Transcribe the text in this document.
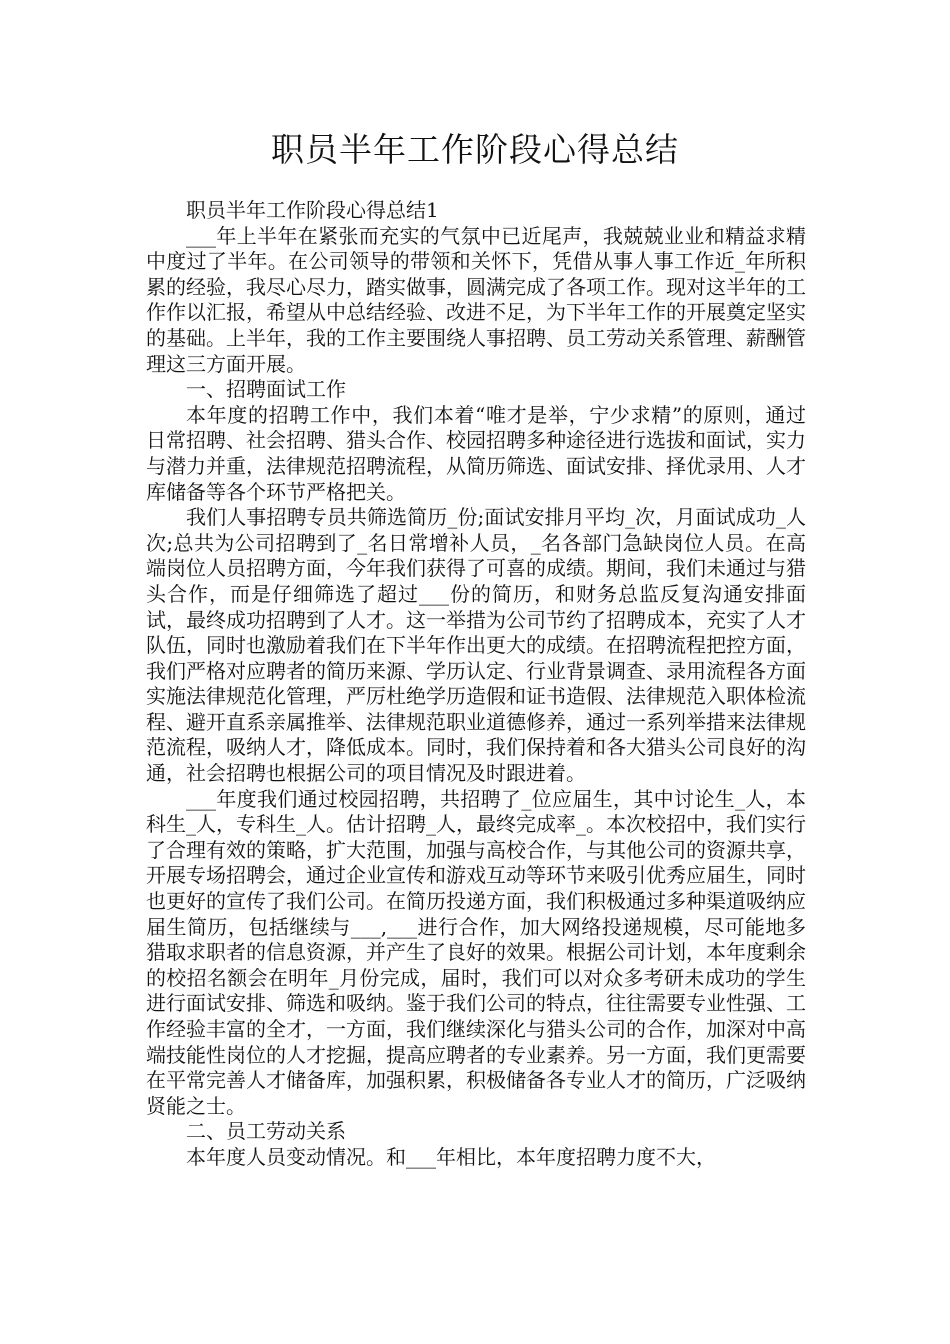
职员半年工作阶段心得总结

职员半年工作阶段心得总结1

___年上半年在紧张而充实的气氛中已近尾声，我兢兢业业和精益求精中度过了半年。在公司领导的带领和关怀下，凭借从事人事工作近_年所积累的经验，我尽心尽力，踏实做事，圆满完成了各项工作。现对这半年的工作作以汇报，希望从中总结经验、改进不足，为下半年工作的开展奠定坚实的基础。上半年，我的工作主要围绕人事招聘、员工劳动关系管理、薪酬管理这三方面开展。

一、招聘面试工作

本年度的招聘工作中，我们本着“唯才是举，宁少求精”的原则，通过日常招聘、社会招聘、猎头合作、校园招聘多种途径进行选拔和面试，实力与潜力并重，法律规范招聘流程，从简历筛选、面试安排、择优录用、人才库储备等各个环节严格把关。

我们人事招聘专员共筛选简历_份;面试安排月平均_次，月面试成功_人次;总共为公司招聘到了_名日常增补人员，_名各部门急缺岗位人员。在高端岗位人员招聘方面，今年我们获得了可喜的成绩。期间，我们未通过与猎头合作，而是仔细筛选了超过___份的简历，和财务总监反复沟通安排面试，最终成功招聘到了人才。这一举措为公司节约了招聘成本，充实了人才队伍，同时也激励着我们在下半年作出更大的成绩。在招聘流程把控方面，我们严格对应聘者的简历来源、学历认定、行业背景调查、录用流程各方面实施法律规范化管理，严厉杜绝学历造假和证书造假、法律规范入职体检流程、避开直系亲属推举、法律规范职业道德修养，通过一系列举措来法律规范流程，吸纳人才，降低成本。同时，我们保持着和各大猎头公司良好的沟通，社会招聘也根据公司的项目情况及时跟进着。

___年度我们通过校园招聘，共招聘了_位应届生，其中讨论生_人，本科生_人，专科生_人。估计招聘_人，最终完成率_。本次校招中，我们实行了合理有效的策略，扩大范围，加强与高校合作，与其他公司的资源共享，开展专场招聘会，通过企业宣传和游戏互动等环节来吸引优秀应届生，同时也更好的宣传了我们公司。在简历投递方面，我们积极通过多种渠道吸纳应届生简历，包括继续与___,___进行合作，加大网络投递规模，尽可能地多猎取求职者的信息资源，并产生了良好的效果。根据公司计划，本年度剩余的校招名额会在明年_月份完成，届时，我们可以对众多考研未成功的学生进行面试安排、筛选和吸纳。鉴于我们公司的特点，往往需要专业性强、工作经验丰富的全才，一方面，我们继续深化与猎头公司的合作，加深对中高端技能性岗位的人才挖掘，提高应聘者的专业素养。另一方面，我们更需要在平常完善人才储备库，加强积累，积极储备各专业人才的简历，广泛吸纳贤能之士。

二、员工劳动关系

本年度人员变动情况。和___年相比，本年度招聘力度不大，
